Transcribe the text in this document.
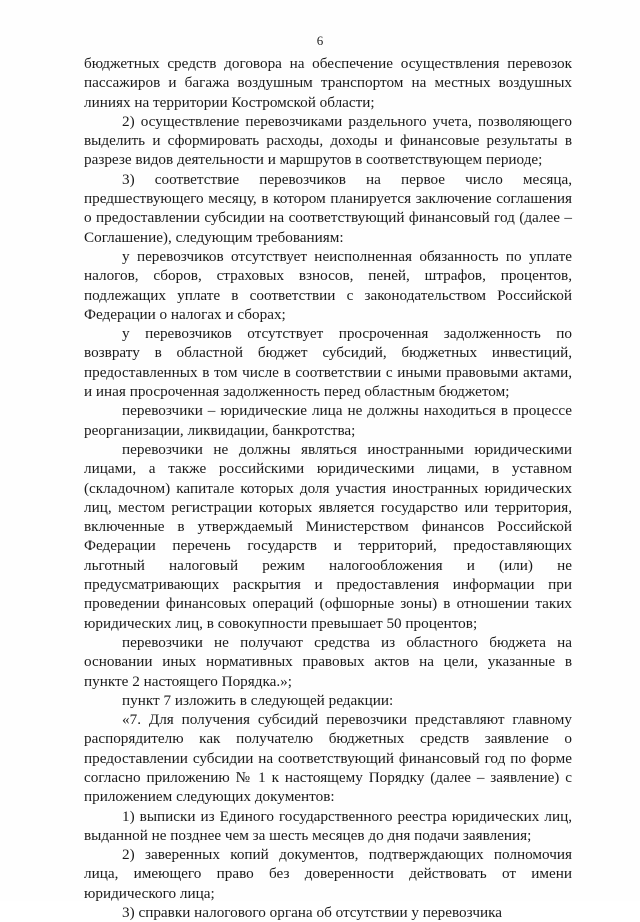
6

бюджетных средств договора на обеспечение осуществления перевозок пассажиров и багажа воздушным транспортом на местных воздушных линиях на территории Костромской области;

2) осуществление перевозчиками раздельного учета, позволяющего выделить и сформировать расходы, доходы и финансовые результаты в разрезе видов деятельности и маршрутов в соответствующем периоде;

3) соответствие перевозчиков на первое число месяца, предшествующего месяцу, в котором планируется заключение соглашения о предоставлении субсидии на соответствующий финансовый год (далее – Соглашение), следующим требованиям:

у перевозчиков отсутствует неисполненная обязанность по уплате налогов, сборов, страховых взносов, пеней, штрафов, процентов, подлежащих уплате в соответствии с законодательством Российской Федерации о налогах и сборах;

у перевозчиков отсутствует просроченная задолженность по возврату в областной бюджет субсидий, бюджетных инвестиций, предоставленных в том числе в соответствии с иными правовыми актами, и иная просроченная задолженность перед областным бюджетом;

перевозчики – юридические лица не должны находиться в процессе реорганизации, ликвидации, банкротства;

перевозчики не должны являться иностранными юридическими лицами, а также российскими юридическими лицами, в уставном (складочном) капитале которых доля участия иностранных юридических лиц, местом регистрации которых является государство или территория, включенные в утверждаемый Министерством финансов Российской Федерации перечень государств и территорий, предоставляющих льготный налоговый режим налогообложения и (или) не предусматривающих раскрытия и предоставления информации при проведении финансовых операций (офшорные зоны) в отношении таких юридических лиц, в совокупности превышает 50 процентов;

перевозчики не получают средства из областного бюджета на основании иных нормативных правовых актов на цели, указанные в пункте 2 настоящего Порядка.»;

пункт 7 изложить в следующей редакции:

«7. Для получения субсидий перевозчики представляют главному распорядителю как получателю бюджетных средств заявление о предоставлении субсидии на соответствующий финансовый год по форме согласно приложению № 1 к настоящему Порядку (далее – заявление) с приложением следующих документов:

1) выписки из Единого государственного реестра юридических лиц, выданной не позднее чем за шесть месяцев до дня подачи заявления;

2) заверенных копий документов, подтверждающих полномочия лица, имеющего право без доверенности действовать от имени юридического лица;

3) справки налогового органа об отсутствии у перевозчика
